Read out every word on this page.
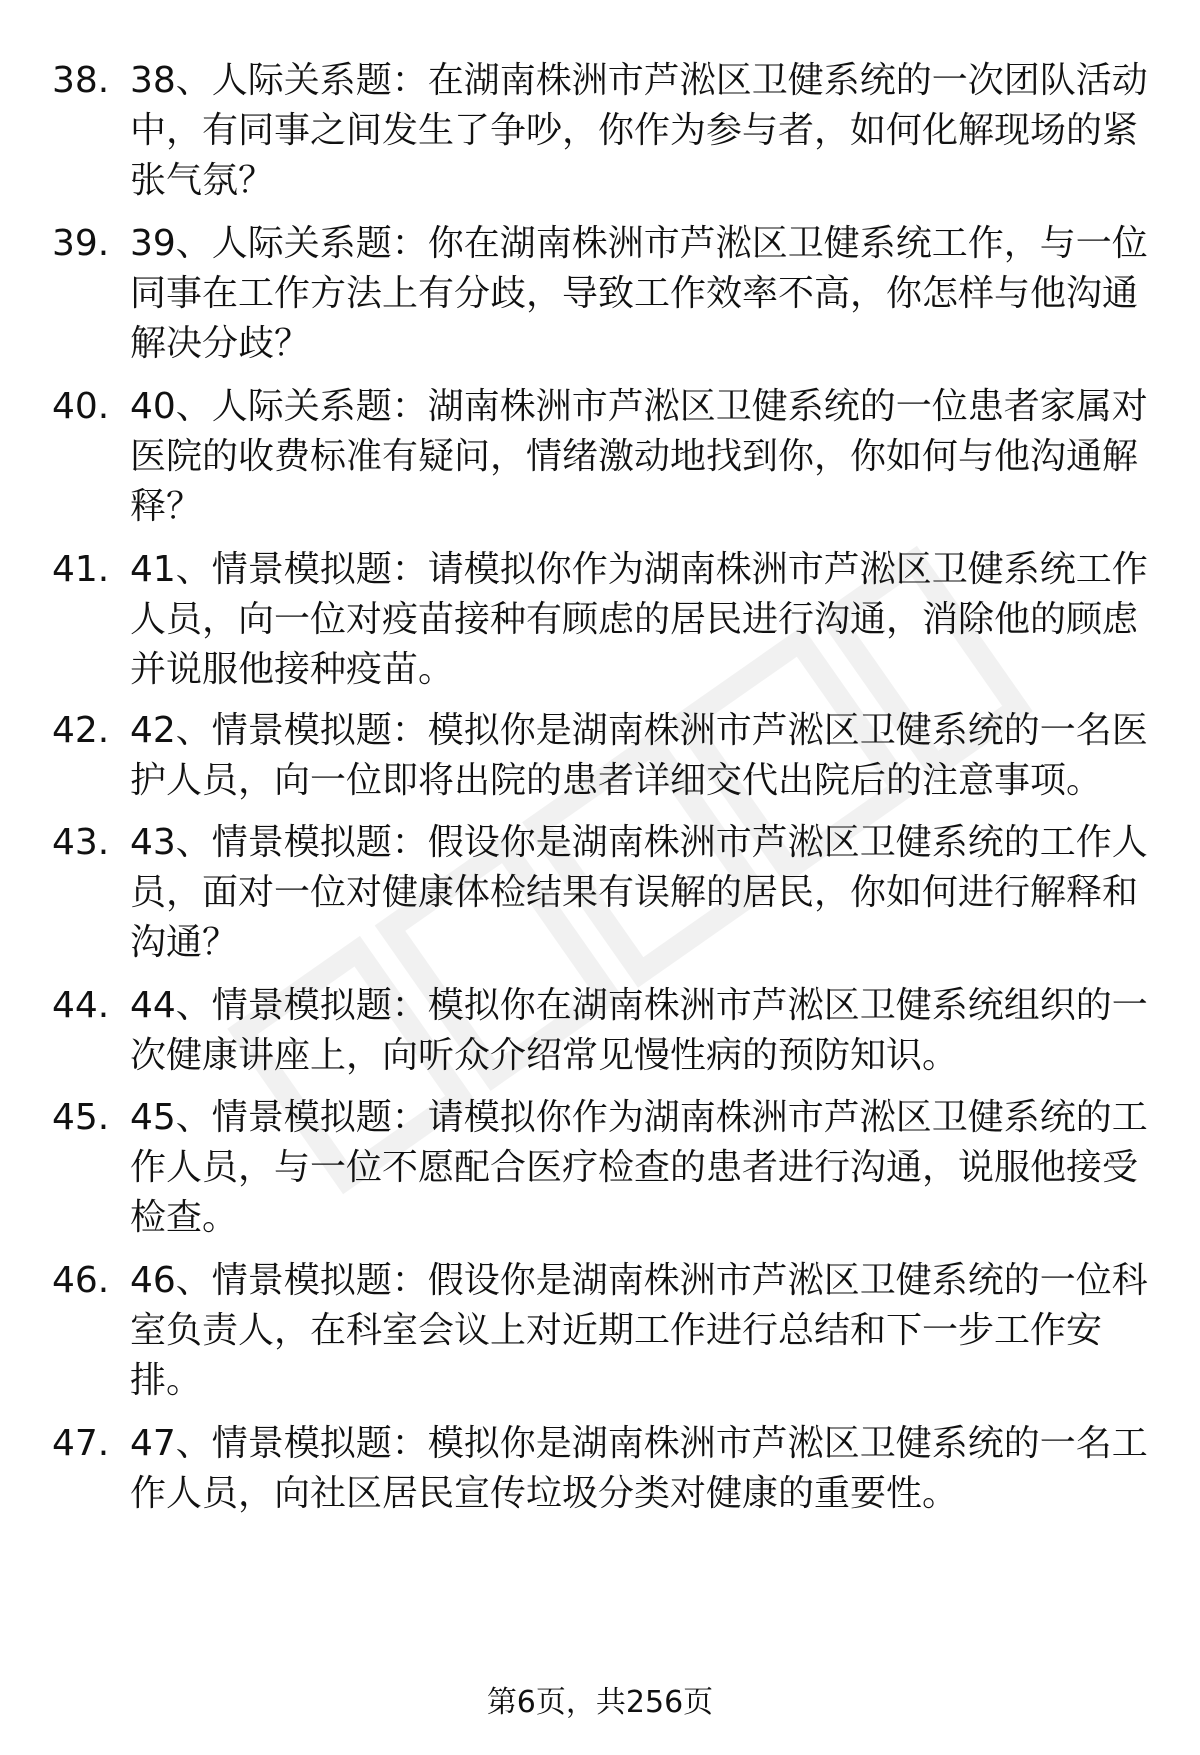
38. 38、人际关系题：在湖南株洲市芦淞区卫健系统的一次团队活动
中，有同事之间发生了争吵，你作为参与者，如何化解现场的紧
张气氛？
39. 39、人际关系题：你在湖南株洲市芦淞区卫健系统工作，与一位
同事在工作方法上有分歧，导致工作效率不高，你怎样与他沟通
解决分歧？
40. 40、人际关系题：湖南株洲市芦淞区卫健系统的一位患者家属对
医院的收费标准有疑问，情绪激动地找到你，你如何与他沟通解
释？
41. 41、情景模拟题：请模拟你作为湖南株洲市芦淞区卫健系统工作
人员，向一位对疫苗接种有顾虑的居民进行沟通，消除他的顾虑
并说服他接种疫苗。
42. 42、情景模拟题：模拟你是湖南株洲市芦淞区卫健系统的一名医
护人员，向一位即将出院的患者详细交代出院后的注意事项。
43. 43、情景模拟题：假设你是湖南株洲市芦淞区卫健系统的工作人
员，面对一位对健康体检结果有误解的居民，你如何进行解释和
沟通？
44. 44、情景模拟题：模拟你在湖南株洲市芦淞区卫健系统组织的一
次健康讲座上，向听众介绍常见慢性病的预防知识。
45. 45、情景模拟题：请模拟你作为湖南株洲市芦淞区卫健系统的工
作人员，与一位不愿配合医疗检查的患者进行沟通，说服他接受
检查。
46. 46、情景模拟题：假设你是湖南株洲市芦淞区卫健系统的一位科
室负责人，在科室会议上对近期工作进行总结和下一步工作安
排。
47. 47、情景模拟题：模拟你是湖南株洲市芦淞区卫健系统的一名工
作人员，向社区居民宣传垃圾分类对健康的重要性。
第6页，共256页
